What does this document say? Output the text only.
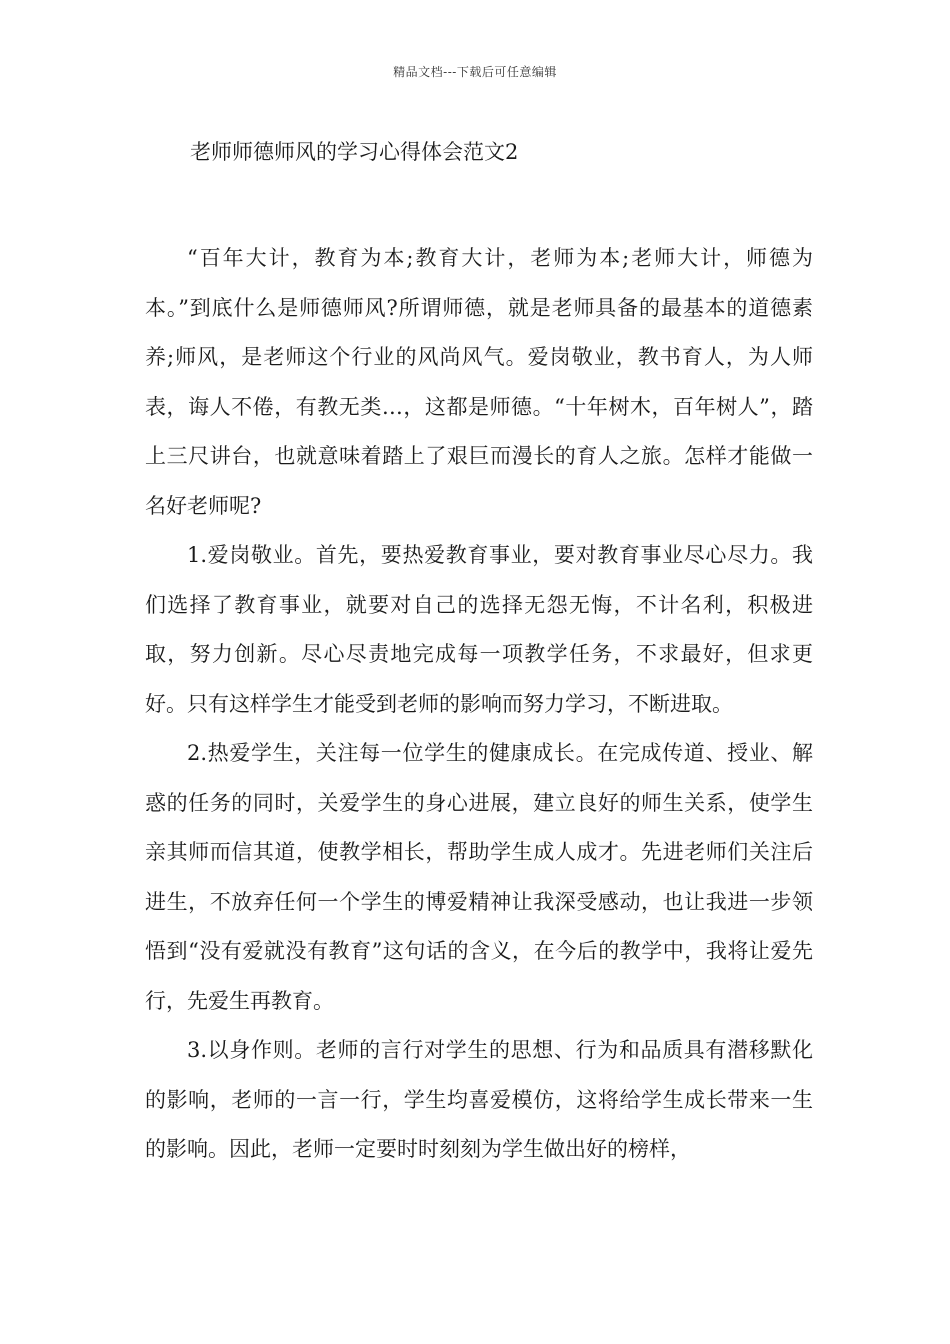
精品文档---下载后可任意编辑
老师师德师风的学习心得体会范文2

“百年大计，教育为本;教育大计，老师为本;老师大计，师德为本。”到底什么是师德师风?所谓师德，就是老师具备的最基本的道德素养;师风，是老师这个行业的风尚风气。爱岗敬业，教书育人，为人师表，诲人不倦，有教无类…，这都是师德。“十年树木，百年树人”，踏上三尺讲台，也就意味着踏上了艰巨而漫长的育人之旅。怎样才能做一名好老师呢?

1.爱岗敬业。首先，要热爱教育事业，要对教育事业尽心尽力。我们选择了教育事业，就要对自己的选择无怨无悔，不计名利，积极进取，努力创新。尽心尽责地完成每一项教学任务，不求最好，但求更好。只有这样学生才能受到老师的影响而努力学习，不断进取。

2.热爱学生，关注每一位学生的健康成长。在完成传道、授业、解惑的任务的同时，关爱学生的身心进展，建立良好的师生关系，使学生亲其师而信其道，使教学相长，帮助学生成人成才。先进老师们关注后进生，不放弃任何一个学生的博爱精神让我深受感动，也让我进一步领悟到“没有爱就没有教育”这句话的含义，在今后的教学中，我将让爱先行，先爱生再教育。

3.以身作则。老师的言行对学生的思想、行为和品质具有潜移默化的影响，老师的一言一行，学生均喜爱模仿，这将给学生成长带来一生的影响。因此，老师一定要时时刻刻为学生做出好的榜样，
